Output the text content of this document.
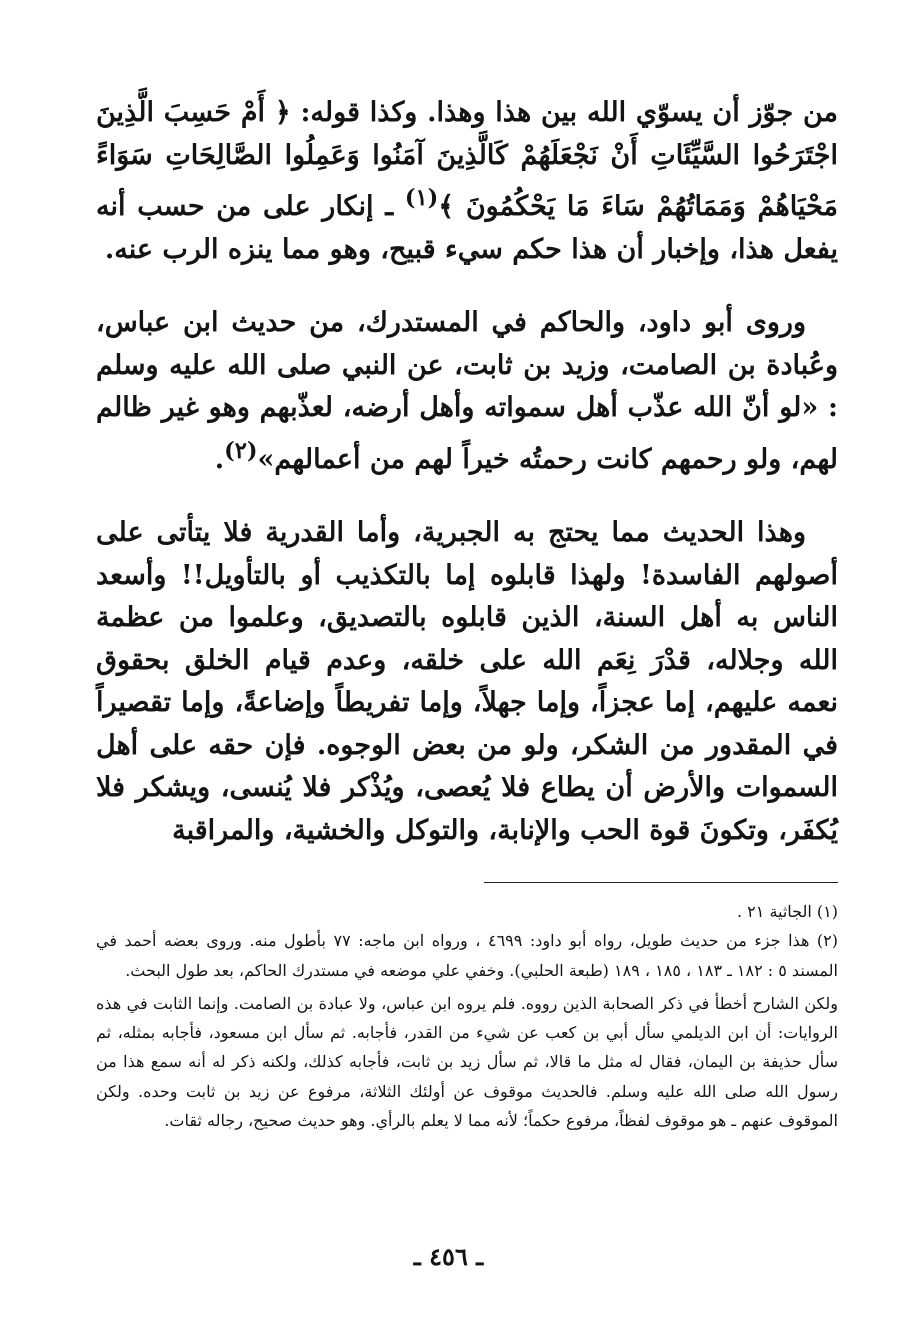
من جوّز أن يسوّي الله بين هذا وهذا. وكذا قوله: ﴿ أَمْ حَسِبَ الَّذِينَ اجْتَرَحُوا السَّيِّئَاتِ أَنْ نَجْعَلَهُمْ كَالَّذِينَ آمَنُوا وَعَمِلُوا الصَّالِحَاتِ سَوَاءً مَحْيَاهُمْ وَمَمَاتُهُمْ سَاءَ مَا يَحْكُمُونَ ﴾$^{(١)}$ ـ إنكار على من حسب أنه يفعل هذا، وإخبار أن هذا حكم سيء قبيح، وهو مما ينزه الرب عنه.

وروى أبو داود، والحاكم في المستدرك، من حديث ابن عباس، وعُبادة بن الصامت، وزيد بن ثابت، عن النبي صلى الله عليه وسلم : «لو أنّ الله عذّب أهل سمواته وأهل أرضه، لعذّبهم وهو غير ظالم لهم، ولو رحمهم كانت رحمتُه خيراً لهم من أعمالهم»$^{(٢)}$.

وهذا الحديث مما يحتج به الجبرية، وأما القدرية فلا يتأتى على أصولهم الفاسدة! ولهذا قابلوه إما بالتكذيب أو بالتأويل!! وأسعد الناس به أهل السنة، الذين قابلوه بالتصديق، وعلموا من عظمة الله وجلاله، قدْرَ نِعَم الله على خلقه، وعدم قيام الخلق بحقوق نعمه عليهم، إما عجزاً، وإما جهلاً، وإما تفريطاً وإضاعةً، وإما تقصيراً في المقدور من الشكر، ولو من بعض الوجوه. فإن حقه على أهل السموات والأرض أن يطاع فلا يُعصى، ويُذْكر فلا يُنسى، ويشكر فلا يُكفَر، وتكونَ قوة الحب والإنابة، والتوكل والخشية، والمراقبة

(١) الجاثية ٢١ .

(٢) هذا جزء من حديث طويل، رواه أبو داود: ٤٦٩٩ ، ورواه ابن ماجه: ٧٧ بأطول منه. وروى بعضه أحمد في المسند ٥ : ١٨٢ ـ ١٨٣ ، ١٨٥ ، ١٨٩ (طبعة الحلبي). وخفي علي موضعه في مستدرك الحاكم، بعد طول البحث.

ولكن الشارح أخطأ في ذكر الصحابة الذين رووه. فلم يروه ابن عباس، ولا عبادة بن الصامت. وإنما الثابت في هذه الروايات: أن ابن الديلمي سأل أبي بن كعب عن شيء من القدر، فأجابه. ثم سأل ابن مسعود، فأجابه بمثله، ثم سأل حذيفة بن اليمان، فقال له مثل ما قالا، ثم سأل زيد بن ثابت، فأجابه كذلك، ولكنه ذكر له أنه سمع هذا من رسول الله صلى الله عليه وسلم. فالحديث موقوف عن أولئك الثلاثة، مرفوع عن زيد بن ثابت وحده. ولكن الموقوف عنهم ـ هو موقوف لفظاً، مرفوع حكماً؛ لأنه مما لا يعلم بالرأي. وهو حديث صحيح، رجاله ثقات.

ـ ٤٥٦ ـ
